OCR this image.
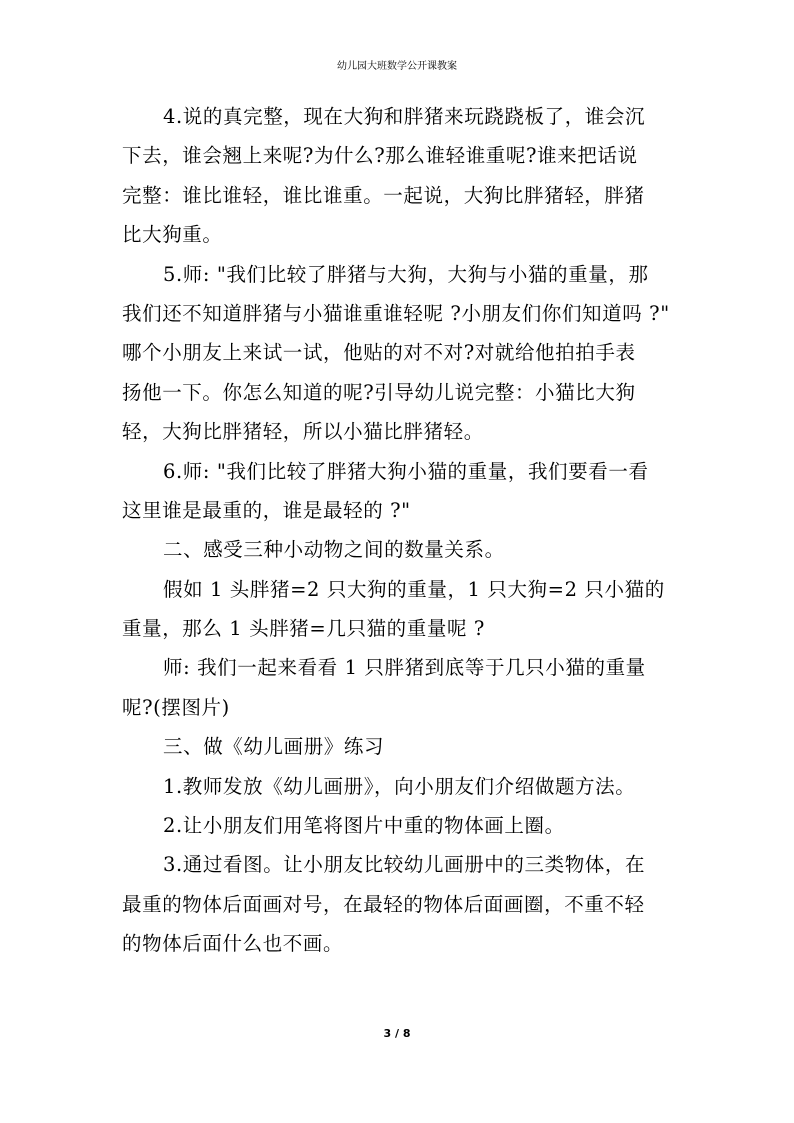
幼儿园大班数学公开课教案
4.说的真完整，现在大狗和胖猪来玩跷跷板了，谁会沉
下去，谁会翘上来呢?为什么?那么谁轻谁重呢?谁来把话说
完整：谁比谁轻，谁比谁重。一起说，大狗比胖猪轻，胖猪
比大狗重。
5.师: "我们比较了胖猪与大狗，大狗与小猫的重量，那
我们还不知道胖猪与小猫谁重谁轻呢 ?小朋友们你们知道吗 ?"
哪个小朋友上来试一试，他贴的对不对?对就给他拍拍手表
扬他一下。你怎么知道的呢?引导幼儿说完整：小猫比大狗
轻，大狗比胖猪轻，所以小猫比胖猪轻。
6.师: "我们比较了胖猪大狗小猫的重量，我们要看一看
这里谁是最重的，谁是最轻的 ?"
二、感受三种小动物之间的数量关系。
假如 1 头胖猪=2 只大狗的重量，1 只大狗=2 只小猫的
重量，那么 1 头胖猪=几只猫的重量呢 ?
师: 我们一起来看看 1 只胖猪到底等于几只小猫的重量
呢?(摆图片)
三、做《幼儿画册》练习
1.教师发放《幼儿画册》，向小朋友们介绍做题方法。
2.让小朋友们用笔将图片中重的物体画上圈。
3.通过看图。让小朋友比较幼儿画册中的三类物体，在
最重的物体后面画对号，在最轻的物体后面画圈，不重不轻
的物体后面什么也不画。
3 / 8
